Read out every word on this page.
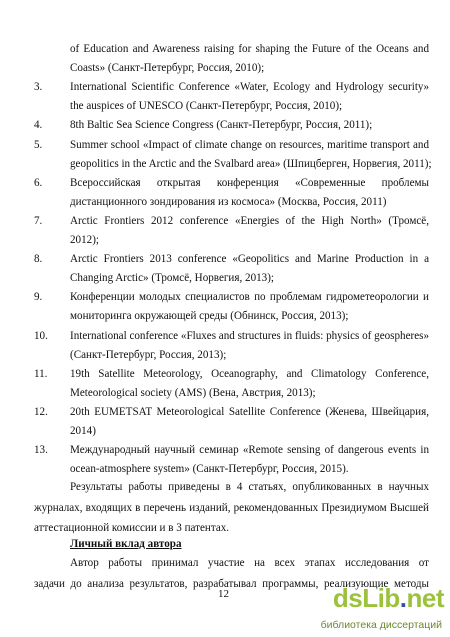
of Education and Awareness raising for shaping the Future of the Oceans and
Coasts» (Санкт-Петербург, Россия, 2010);
3. International Scientific Conference «Water, Ecology and Hydrology security»
the auspices of UNESCO (Санкт-Петербург, Россия, 2010);
4. 8th Baltic Sea Science Congress (Санкт-Петербург, Россия, 2011);
5. Summer school «Impact of climate change on resources, maritime transport and
geopolitics in the Arctic and the Svalbard area» (Шпицберген, Норвегия, 2011);
6. Всероссийская открытая конференция «Современные проблемы
дистанционного зондирования из космоса» (Москва, Россия, 2011)
7. Arctic Frontiers 2012 conference «Energies of the High North» (Тромсё,
2012);
8. Arctic Frontiers 2013 conference «Geopolitics and Marine Production in a
Changing Arctic» (Тромсё, Норвегия, 2013);
9. Конференции молодых специалистов по проблемам гидрометеорологии и
мониторинга окружающей среды (Обнинск, Россия, 2013);
10. International conference «Fluxes and structures in fluids: physics of geospheres»
(Санкт-Петербург, Россия, 2013);
11. 19th Satellite Meteorology, Oceanography, and Climatology Conference,
Meteorological society (AMS) (Вена, Австрия, 2013);
12. 20th EUMETSAT Meteorological Satellite Conference (Женева, Швейцария,
2014)
13. Международный научный семинар «Remote sensing of dangerous events in
ocean-atmosphere system» (Санкт-Петербург, Россия, 2015).
Результаты работы приведены в 4 статьях, опубликованных в научных
журналах, входящих в перечень изданий, рекомендованных Президиумом Высшей
аттестационной комиссии и в 3 патентах.
Личный вклад автора
Автор работы принимал участие на всех этапах исследования от
задачи до анализа результатов, разрабатывал программы, реализующие методы
12	dsLib.net
библиотека диссертаций
